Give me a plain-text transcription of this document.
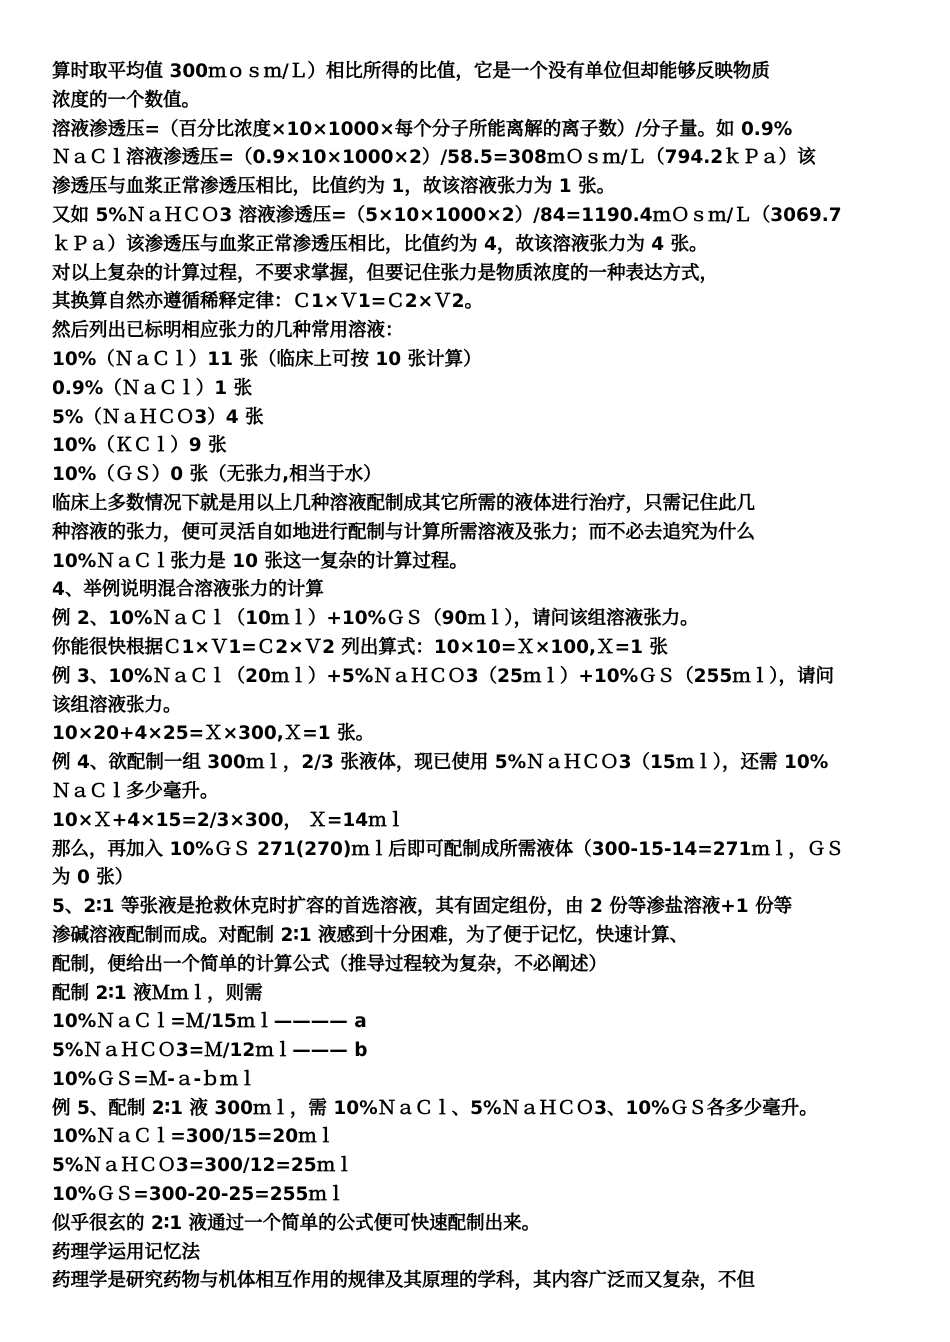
算时取平均值 300ｍｏｓｍ/Ｌ）相比所得的比值，它是一个没有单位但却能够反映物质
浓度的一个数值。
溶液渗透压=（百分比浓度×10×1000×每个分子所能离解的离子数）/分子量。如 0.9%
ＮａＣｌ溶液渗透压=（0.9×10×1000×2）/58.5=308ｍＯｓｍ/Ｌ（794.2ｋＰａ）该
渗透压与血浆正常渗透压相比，比值约为 1，故该溶液张力为 1 张。
又如 5%ＮａＨＣＯ3 溶液渗透压=（5×10×1000×2）/84=1190.4ｍＯｓｍ/Ｌ（3069.7
ｋＰａ）该渗透压与血浆正常渗透压相比，比值约为 4，故该溶液张力为 4 张。
对以上复杂的计算过程，不要求掌握，但要记住张力是物质浓度的一种表达方式，
其换算自然亦遵循稀释定律：Ｃ1×Ｖ1=Ｃ2×Ｖ2。
然后列出已标明相应张力的几种常用溶液：
10%（ＮａＣｌ）11 张（临床上可按 10 张计算）
0.9%（ＮａＣｌ）1 张
5%（ＮａＨＣＯ3）4 张
10%（ＫＣｌ）9 张
10%（ＧＳ）0 张（无张力,相当于水）
临床上多数情况下就是用以上几种溶液配制成其它所需的液体进行治疗，只需记住此几
种溶液的张力，便可灵活自如地进行配制与计算所需溶液及张力；而不必去追究为什么
10%ＮａＣｌ张力是 10 张这一复杂的计算过程。
4、举例说明混合溶液张力的计算
例 2、10%ＮａＣｌ（10ｍｌ）+10%ＧＳ（90ｍｌ），请问该组溶液张力。
你能很快根据Ｃ1×Ｖ1=Ｃ2×Ｖ2 列出算式：10×10=Ｘ×100,Ｘ=1 张
例 3、10%ＮａＣｌ（20ｍｌ）+5%ＮａＨＣＯ3（25ｍｌ）+10%ＧＳ（255ｍｌ），请问
该组溶液张力。
10×20+4×25=Ｘ×300,Ｘ=1 张。
例 4、欲配制一组 300ｍｌ，2/3 张液体，现已使用 5%ＮａＨＣＯ3（15ｍｌ），还需 10%
ＮａＣｌ多少毫升。
10×Ｘ+4×15=2/3×300， Ｘ=14ｍｌ
那么，再加入 10%ＧＳ 271(270)ｍｌ后即可配制成所需液体（300-15-14=271ｍｌ，ＧＳ
为 0 张）
5、2∶1 等张液是抢救休克时扩容的首选溶液，其有固定组份，由 2 份等渗盐溶液+1 份等
渗碱溶液配制而成。对配制 2∶1 液感到十分困难，为了便于记忆，快速计算、
配制，便给出一个简单的计算公式（推导过程较为复杂，不必阐述）
配制 2∶1 液Ｍｍｌ，则需
10%ＮａＣｌ=Ｍ/15ｍｌ———— a
5%ＮａＨＣＯ3=Ｍ/12ｍｌ——— b
10%ＧＳ=Ｍ-ａ-ｂｍｌ
例 5、配制 2∶1 液 300ｍｌ，需 10%ＮａＣｌ、5%ＮａＨＣＯ3、10%ＧＳ各多少毫升。
10%ＮａＣｌ=300/15=20ｍｌ
5%ＮａＨＣＯ3=300/12=25ｍｌ
10%ＧＳ=300-20-25=255ｍｌ
似乎很玄的 2∶1 液通过一个简单的公式便可快速配制出来。
药理学运用记忆法
药理学是研究药物与机体相互作用的规律及其原理的学科，其内容广泛而又复杂，不但
